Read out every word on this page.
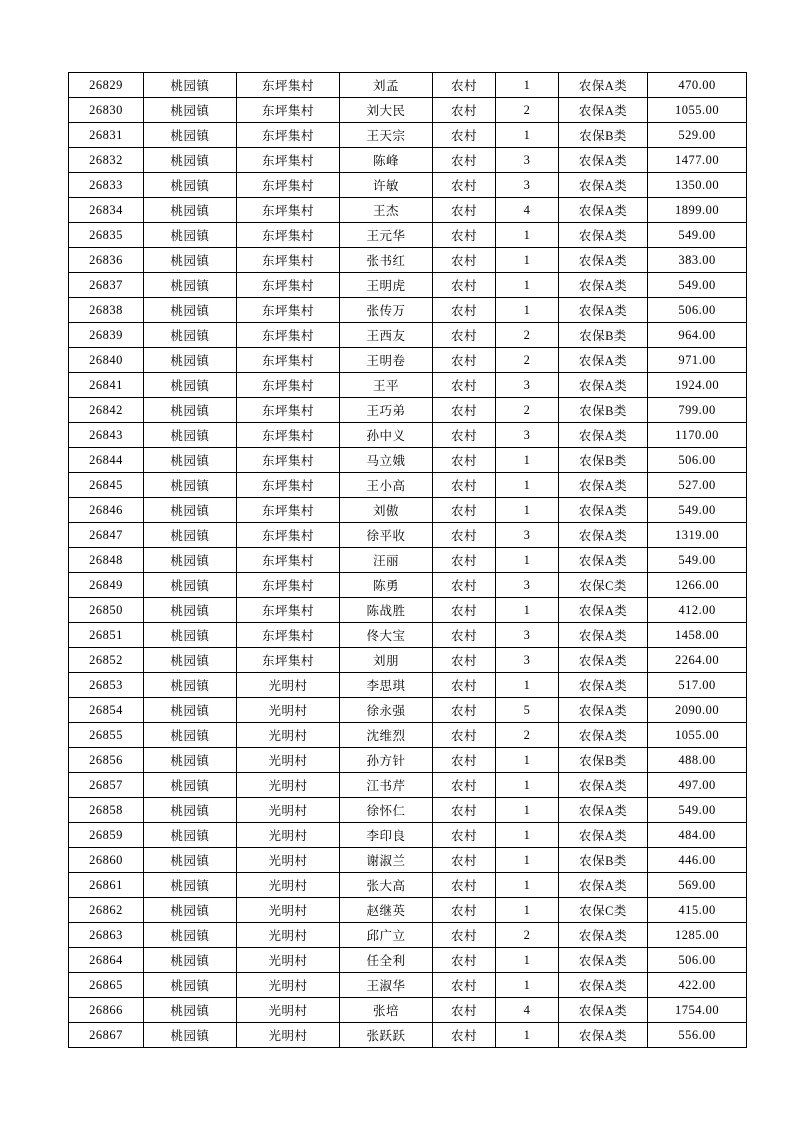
26829	桃园镇	东坪集村	刘孟	农村	1	农保A类	470.00
26830	桃园镇	东坪集村	刘大民	农村	2	农保A类	1055.00
26831	桃园镇	东坪集村	王天宗	农村	1	农保B类	529.00
26832	桃园镇	东坪集村	陈峰	农村	3	农保A类	1477.00
26833	桃园镇	东坪集村	许敏	农村	3	农保A类	1350.00
26834	桃园镇	东坪集村	王杰	农村	4	农保A类	1899.00
26835	桃园镇	东坪集村	王元华	农村	1	农保A类	549.00
26836	桃园镇	东坪集村	张书红	农村	1	农保A类	383.00
26837	桃园镇	东坪集村	王明虎	农村	1	农保A类	549.00
26838	桃园镇	东坪集村	张传万	农村	1	农保A类	506.00
26839	桃园镇	东坪集村	王西友	农村	2	农保B类	964.00
26840	桃园镇	东坪集村	王明卷	农村	2	农保A类	971.00
26841	桃园镇	东坪集村	王平	农村	3	农保A类	1924.00
26842	桃园镇	东坪集村	王巧弟	农村	2	农保B类	799.00
26843	桃园镇	东坪集村	孙中义	农村	3	农保A类	1170.00
26844	桃园镇	东坪集村	马立娥	农村	1	农保B类	506.00
26845	桃园镇	东坪集村	王小高	农村	1	农保A类	527.00
26846	桃园镇	东坪集村	刘傲	农村	1	农保A类	549.00
26847	桃园镇	东坪集村	徐平收	农村	3	农保A类	1319.00
26848	桃园镇	东坪集村	汪丽	农村	1	农保A类	549.00
26849	桃园镇	东坪集村	陈勇	农村	3	农保C类	1266.00
26850	桃园镇	东坪集村	陈战胜	农村	1	农保A类	412.00
26851	桃园镇	东坪集村	佟大宝	农村	3	农保A类	1458.00
26852	桃园镇	东坪集村	刘朋	农村	3	农保A类	2264.00
26853	桃园镇	光明村	李思琪	农村	1	农保A类	517.00
26854	桃园镇	光明村	徐永强	农村	5	农保A类	2090.00
26855	桃园镇	光明村	沈维烈	农村	2	农保A类	1055.00
26856	桃园镇	光明村	孙方针	农村	1	农保B类	488.00
26857	桃园镇	光明村	江书芹	农村	1	农保A类	497.00
26858	桃园镇	光明村	徐怀仁	农村	1	农保A类	549.00
26859	桃园镇	光明村	李印良	农村	1	农保A类	484.00
26860	桃园镇	光明村	谢淑兰	农村	1	农保B类	446.00
26861	桃园镇	光明村	张大高	农村	1	农保A类	569.00
26862	桃园镇	光明村	赵继英	农村	1	农保C类	415.00
26863	桃园镇	光明村	邱广立	农村	2	农保A类	1285.00
26864	桃园镇	光明村	任全利	农村	1	农保A类	506.00
26865	桃园镇	光明村	王淑华	农村	1	农保A类	422.00
26866	桃园镇	光明村	张培	农村	4	农保A类	1754.00
26867	桃园镇	光明村	张跃跃	农村	1	农保A类	556.00
